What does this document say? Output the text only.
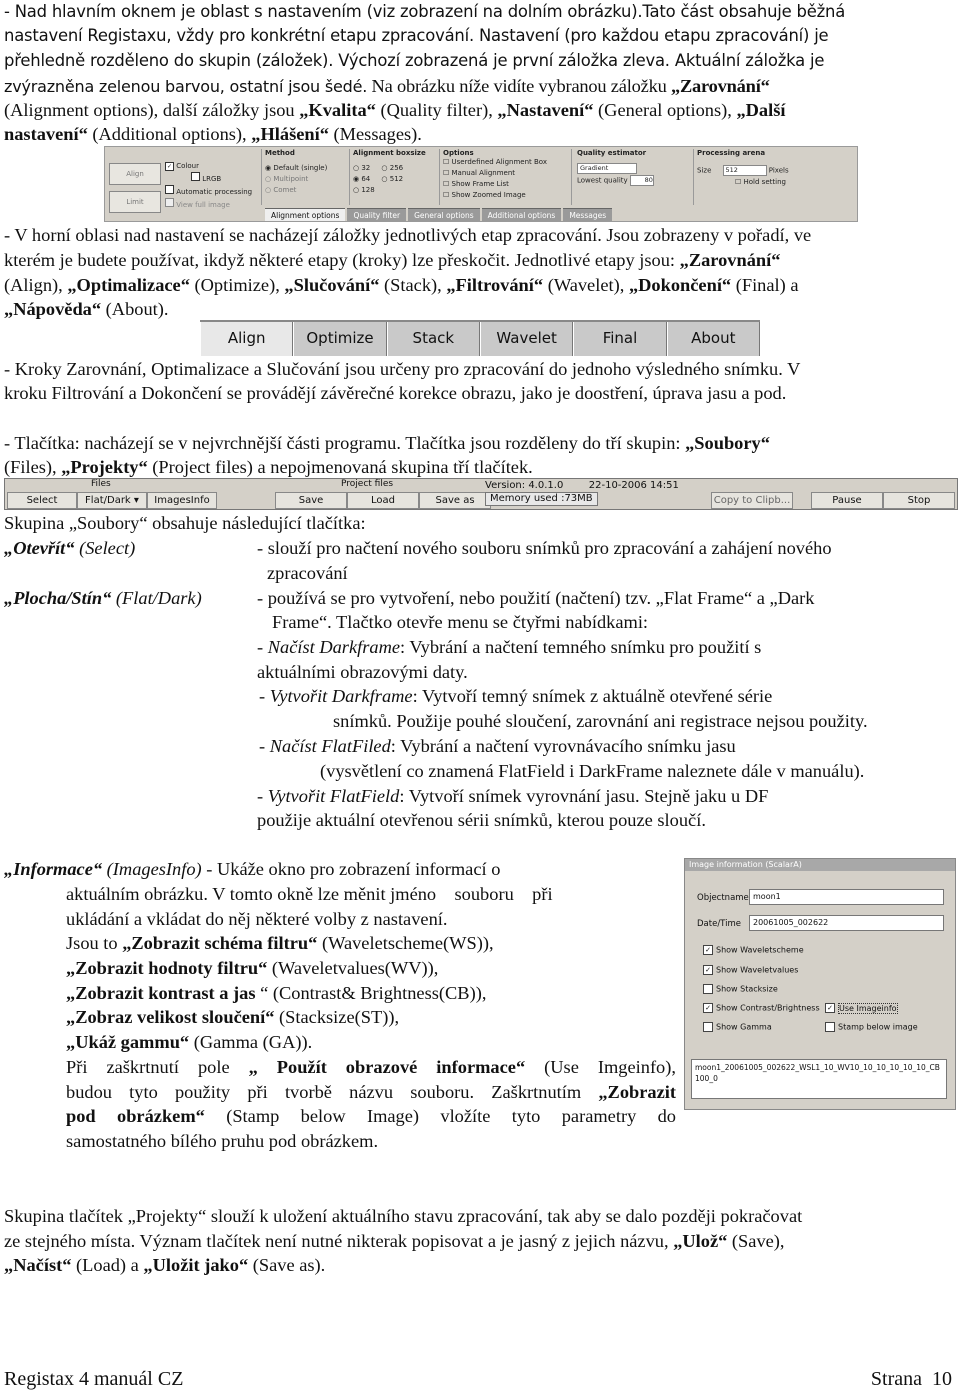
- Nad hlavním oknem je oblast s nastavením (viz zobrazení na dolním obrázku).Tato část obsahuje běžná
nastavení Registaxu, vždy pro konkrétní etapu zpracování. Nastavení (pro každou etapu zpracování) je
přehledně rozděleno do skupin (záložek). Výchozí zobrazená je první záložka zleva. Aktuální záložka je
zvýrazněna zelenou barvou, ostatní jsou šedé. Na obrázku níže vidíte vybranou záložku „Zarovnání“
(Alignment options), další záložky jsou „Kvalita“ (Quality filter), „Nastavení“ (General options), „Další
nastavení“ (Additional options), „Hlášení“ (Messages).
Align
Limit
✓ Colour
LRGB
Automatic processing
View full image
Method
◉ Default (single)
○ Multipoint
○ Comet
Alignment boxsize
○ 32     ○ 256
◉ 64     ○ 512
○ 128
Options
☐ Userdefined Alignment Box
☐ Manual Alignment
☐ Show Frame List
☐ Show Zoomed Image
Quality estimator
Gradient
Lowest quality	80
Processing arena
Size 512	Pixels
☐ Hold setting
Alignment options	Quality filter	General options	Additional options	Messages
- V horní oblasi nad nastavení se nacházejí záložky jednotlivých etap zpracování. Jsou zobrazeny v pořadí, ve
kterém je budete používat, ikdyž některé etapy (kroky) lze přeskočit. Jednotlivé etapy jsou: „Zarovnání“
(Align), „Optimalizace“ (Optimize), „Slučování“ (Stack), „Filtrování“ (Wavelet), „Dokončení“ (Final) a
„Nápověda“ (About).
Align	Optimize	Stack	Wavelet	Final	About
- Kroky Zarovnání, Optimalizace a Slučování jsou určeny pro zpracování do jednoho výsledného snímku. V
kroku Filtrování a Dokončení se provádějí závěrečné korekce obrazu, jako je doostření, úprava jasu a pod.
- Tlačítka: nacházejí se v nejvrchnější části programu. Tlačítka jsou rozděleny do tří skupin: „Soubory“
(Files), „Projekty“ (Project files) a nepojmenovaná skupina tří tlačítek.
Files	Project files
Select	Flat/Dark ▾	ImagesInfo	Save	Load	Save as
Version: 4.0.1.0	22-10-2006 14:51
Memory used :73MB	Copy to Clipb...	Pause	Stop
Skupina „Soubory“ obsahuje následující tlačítka:
„Otevřít“ (Select)	- slouží pro načtení nového souboru snímků pro zpracování a zahájení nového
zpracování
„Plocha/Stín“ (Flat/Dark)	- používá se pro vytvoření, nebo použití (načtení) tzv. „Flat Frame“ a „Dark
Frame“. Tlačtko otevře menu se čtyřmi nabídkami:
- Načíst Darkframe: Vybrání a načtení temného snímku pro použití s
aktuálními obrazovými daty.
- Vytvořit Darkframe: Vytvoří temný snímek z aktuálně otevřené série
snímků. Použije pouhé sloučení, zarovnání ani registrace nejsou použity.
- Načíst FlatFiled: Vybrání a načtení vyrovnávacího snímku jasu
(vysvětlení co znamená FlatField i DarkFrame naleznete dále v manuálu).
- Vytvořit FlatField: Vytvoří snímek vyrovnání jasu. Stejně jaku u DF
použije aktuální otevřenou sérii snímků, kterou pouze sloučí.
„Informace“ (ImagesInfo) - Ukáže okno pro zobrazení informací o
aktuálním obrázku. V tomto okně lze měnit jméno    souboru    při
ukládání a vkládat do něj některé volby z nastavení.
Jsou to „Zobrazit schéma filtru“ (Waveletscheme(WS)),
„Zobrazit hodnoty filtru“ (Waveletvalues(WV)),
„Zobrazit kontrast a jas “ (Contrast& Brightness(CB)),
„Zobraz velikost sloučení“ (Stacksize(ST)),
„Ukáž gammu“ (Gamma (GA)).
Při zaškrtnutí pole „ Použít obrazové informace“ (Use Imgeinfo),
budou tyto použity při tvorbě názvu souboru. Zaškrtnutím „Zobrazit
pod obrázkem“ (Stamp below Image) vložíte tyto parametry do
samostatného bílého pruhu pod obrázkem.
Image information (ScalarA)
Objectname moon1
Date/Time	20061005_002622
✓ Show Waveletscheme
✓ Show Waveletvalues
Show Stacksize
✓ Show Contrast/Brightness
Show Gamma
✓ Use Imageinfo
Stamp below image
moon1_20061005_002622_WSL1_10_WV10_10_10_10_10_10_CB100_0
Skupina tlačítek „Projekty“ slouží k uložení aktuálního stavu zpracování, tak aby se dalo později pokračovat
ze stejného místa. Význam tlačítek není nutné nikterak popisovat a je jasný z jejich názvu, „Ulož“ (Save),
„Načíst“ (Load) a „Uložit jako“ (Save as).
Registax 4 manuál CZ	Strana  10
